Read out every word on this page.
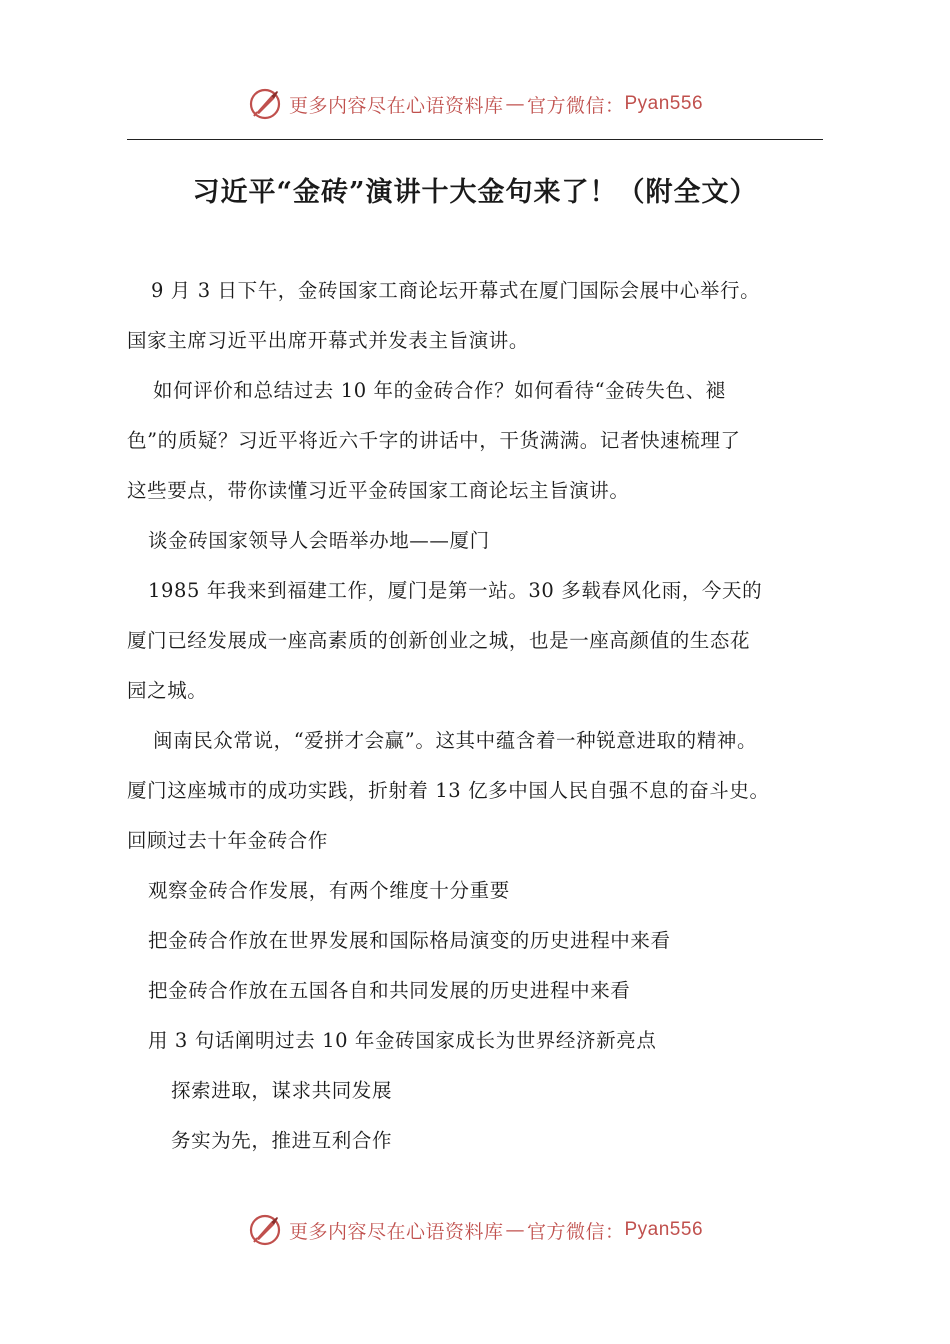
更多内容尽在心语资料库 — 官方微信： Pyan556
习近平“金砖”演讲十大金句来了！（附全文）
9 月 3 日下午，金砖国家工商论坛开幕式在厦门国际会展中心举行。
国家主席习近平出席开幕式并发表主旨演讲。
如何评价和总结过去 10 年的金砖合作？如何看待“金砖失色、褪
色”的质疑？习近平将近六千字的讲话中，干货满满。记者快速梳理了
这些要点，带你读懂习近平金砖国家工商论坛主旨演讲。
谈金砖国家领导人会晤举办地——厦门
1985 年我来到福建工作，厦门是第一站。30 多载春风化雨，今天的
厦门已经发展成一座高素质的创新创业之城，也是一座高颜值的生态花
园之城。
闽南民众常说，“爱拼才会赢”。这其中蕴含着一种锐意进取的精神。
厦门这座城市的成功实践，折射着 13 亿多中国人民自强不息的奋斗史。
回顾过去十年金砖合作
观察金砖合作发展，有两个维度十分重要
把金砖合作放在世界发展和国际格局演变的历史进程中来看
把金砖合作放在五国各自和共同发展的历史进程中来看
用 3 句话阐明过去 10 年金砖国家成长为世界经济新亮点
探索进取，谋求共同发展
务实为先，推进互利合作
更多内容尽在心语资料库 — 官方微信： Pyan556
